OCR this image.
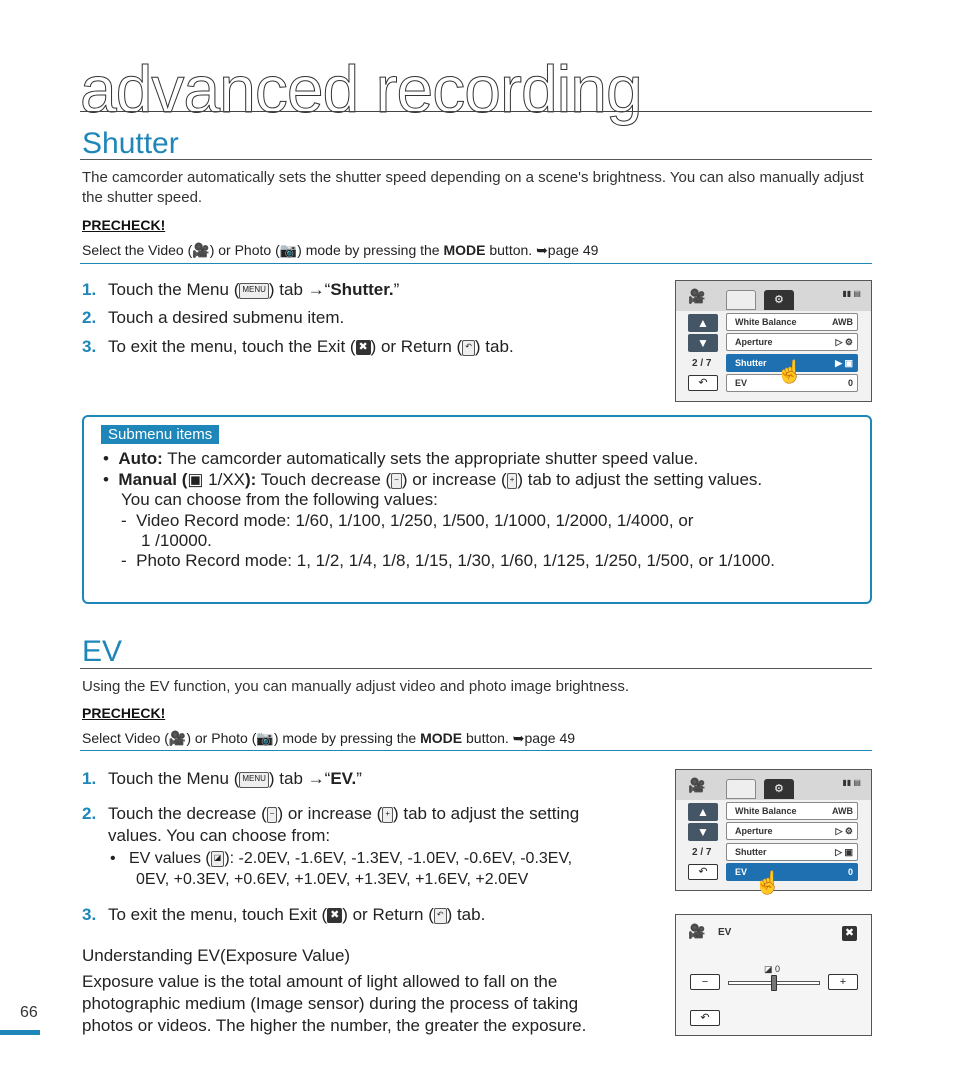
advanced recording
Shutter
The camcorder automatically sets the shutter speed depending on a scene's brightness. You can also manually adjust the shutter speed.
PRECHECK!
Select the Video (🎥) or Photo (📷) mode by pressing the MODE button. ➥page 49
1. Touch the Menu ( MENU ) tab →“Shutter.”
2. Touch a desired submenu item.
3. To exit the menu, touch the Exit ( ✖ ) or Return ( ↶ ) tab.
🎥	⚙
▮▮ ▤
▲
▼
2 / 7
↶
White Balance	AWB
Aperture	▷ ⚙
Shutter	▶ ▣
EV	0
☝
Submenu items
•  Auto: The camcorder automatically sets the appropriate shutter speed value.
•  Manual (▣ 1/XX): Touch decrease ( − ) or increase ( + ) tab to adjust the setting values.
You can choose from the following values:
-  Video Record mode: 1/60, 1/100, 1/250, 1/500, 1/1000, 1/2000, 1/4000, or
1 /10000.
-  Photo Record mode: 1, 1/2, 1/4, 1/8, 1/15, 1/30, 1/60, 1/125, 1/250, 1/500, or 1/1000.
EV
Using the EV function, you can manually adjust video and photo image brightness.
PRECHECK!
Select Video (🎥) or Photo (📷) mode by pressing the MODE button. ➥page 49
1. Touch the Menu ( MENU ) tab →“EV.”
2. Touch the decrease ( − ) or increase ( + ) tab to adjust the setting
values. You can choose from:
•   EV values ( ◪ ): -2.0EV, -1.6EV, -1.3EV, -1.0EV, -0.6EV, -0.3EV,
0EV, +0.3EV, +0.6EV, +1.0EV, +1.3EV, +1.6EV, +2.0EV
3. To exit the menu, touch Exit ( ✖ ) or Return ( ↶ ) tab.
Understanding EV(Exposure Value)
Exposure value is the total amount of light allowed to fall on the
photographic medium (Image sensor) during the process of taking
photos or videos. The higher the number, the greater the exposure.
🎥	⚙
▮▮ ▤
▲
▼
2 / 7
↶
White Balance	AWB
Aperture	▷ ⚙
Shutter	▷ ▣
EV	0
☝
🎥 EV	✖
◪ 0
−	+
↶
66
